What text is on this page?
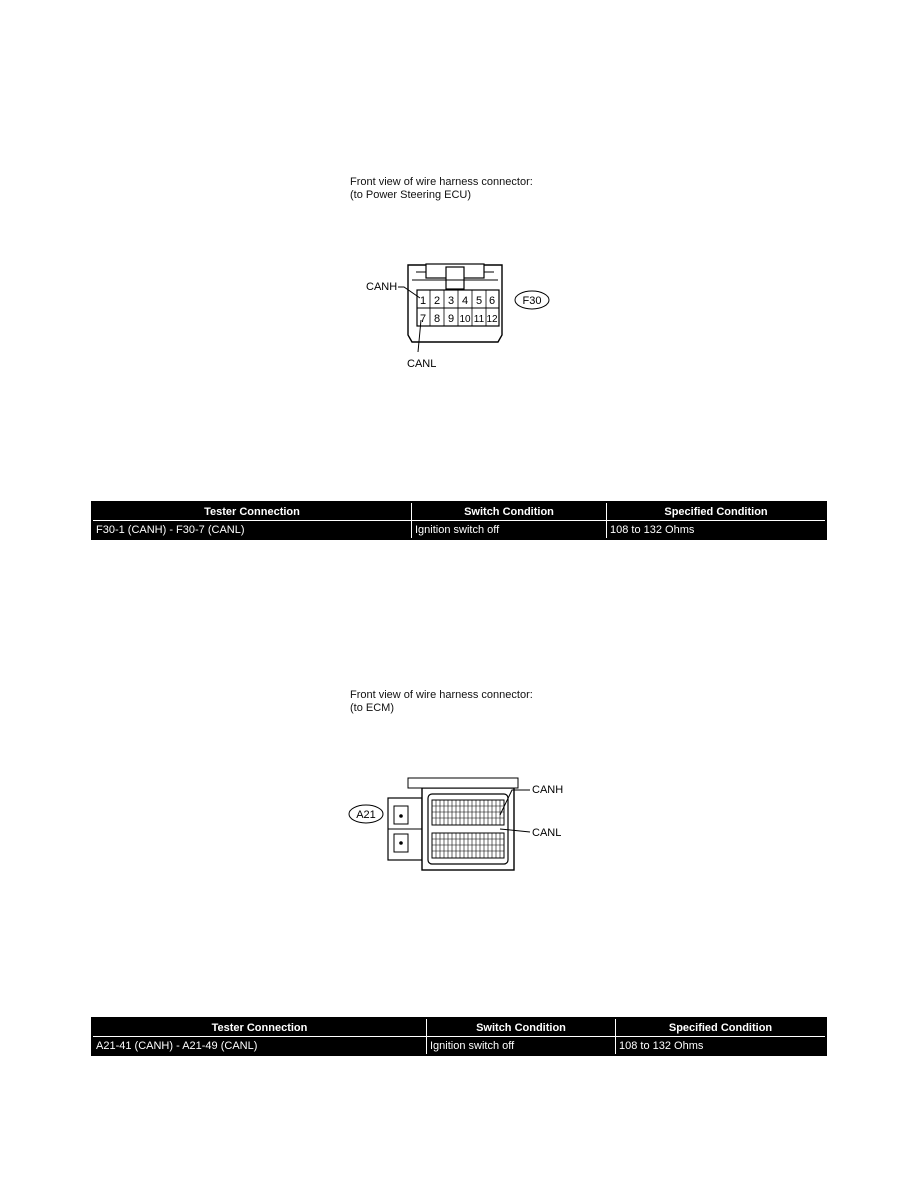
Front view of wire harness connector:
(to Power Steering ECU)
1 2 3 4 5 6
7 8 9 10 11 12
CANH
CANL
F30
Tester Connection	Switch Condition	Specified Condition
F30-1 (CANH) - F30-7 (CANL)	Ignition switch off	108 to 132 Ohms
Front view of wire harness connector:
(to ECM)
CANH
CANL
A21
Tester Connection	Switch Condition	Specified Condition
A21-41 (CANH) - A21-49 (CANL)	Ignition switch off	108 to 132 Ohms
